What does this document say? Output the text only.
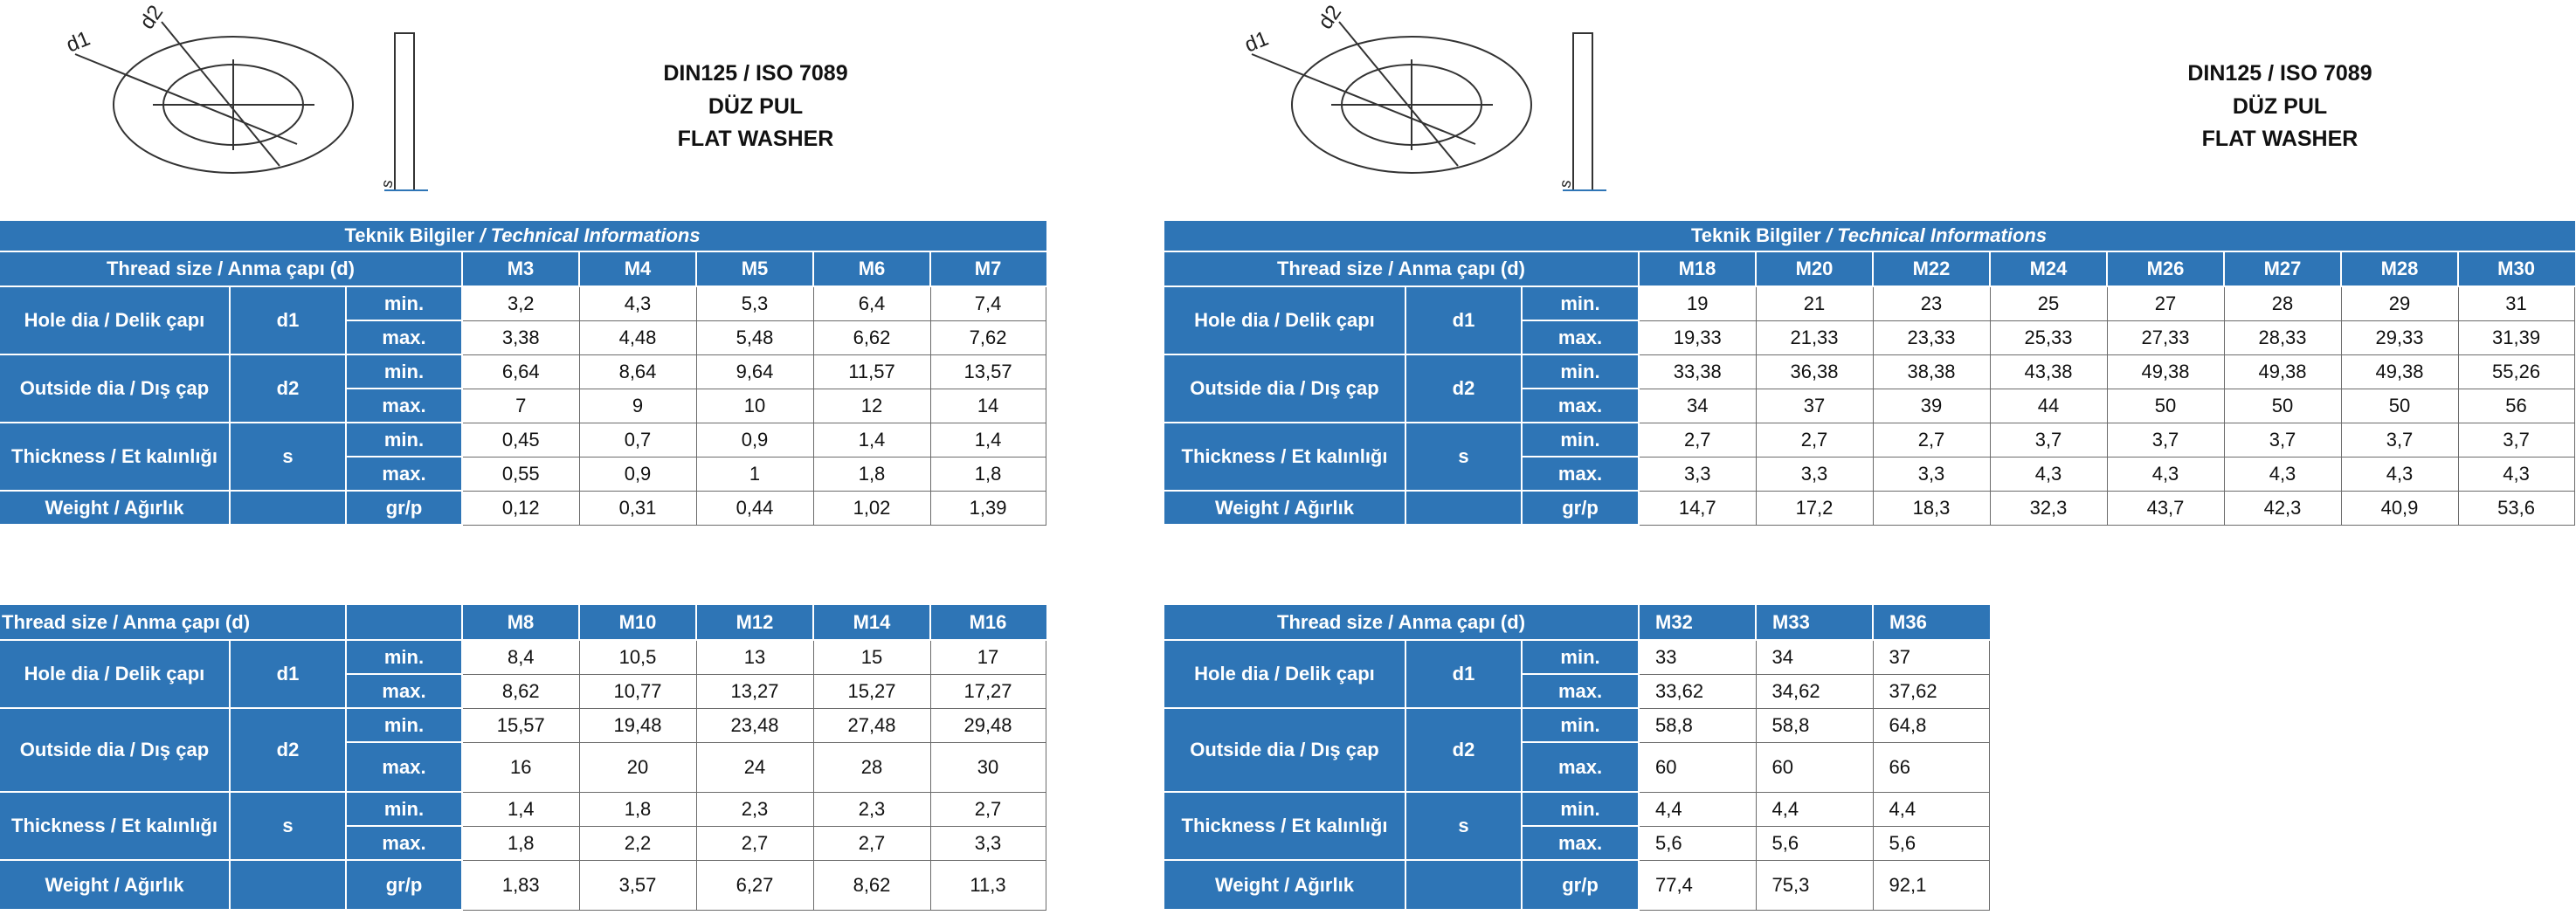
d1
d2
s
DIN125 / ISO 7089
DÜZ PUL
FLAT WASHER
Teknik Bilgiler / Technical Informations							
Thread size / Anma çapı (d)			M3	M4	M5	M6	M7
Hole dia / Delik çapı	d1	min.	3,2	4,3	5,3	6,4	7,4
		max.	3,38	4,48	5,48	6,62	7,62
Outside dia / Dış çap	d2	min.	6,64	8,64	9,64	11,57	13,57
		max.	7	9	10	12	14
Thickness / Et kalınlığı	s	min.	0,45	0,7	0,9	1,4	1,4
		max.	0,55	0,9	1	1,8	1,8
Weight / Ağırlık		gr/p	0,12	0,31	0,44	1,02	1,39
Thread size / Anma çapı (d)			M8	M10	M12	M14	M16
Hole dia / Delik çapı	d1	min.	8,4	10,5	13	15	17
		max.	8,62	10,77	13,27	15,27	17,27
Outside dia / Dış çap	d2	min.	15,57	19,48	23,48	27,48	29,48
		max.	16	20	24	28	30
Thickness / Et kalınlığı	s	min.	1,4	1,8	2,3	2,3	2,7
		max.	1,8	2,2	2,7	2,7	3,3
Weight / Ağırlık		gr/p	1,83	3,57	6,27	8,62	11,3
d1
d2
s
DIN125 / ISO 7089
DÜZ PUL
FLAT WASHER
Teknik Bilgiler / Technical Informations										
Thread size / Anma çapı (d)			M18	M20	M22	M24	M26	M27	M28	M30
Hole dia / Delik çapı	d1	min.	19	21	23	25	27	28	29	31
		max.	19,33	21,33	23,33	25,33	27,33	28,33	29,33	31,39
Outside dia / Dış çap	d2	min.	33,38	36,38	38,38	43,38	49,38	49,38	49,38	55,26
		max.	34	37	39	44	50	50	50	56
Thickness / Et kalınlığı	s	min.	2,7	2,7	2,7	3,7	3,7	3,7	3,7	3,7
		max.	3,3	3,3	3,3	4,3	4,3	4,3	4,3	4,3
Weight / Ağırlık		gr/p	14,7	17,2	18,3	32,3	43,7	42,3	40,9	53,6
Thread size / Anma çapı (d)			M32	M33	M36
Hole dia / Delik çapı	d1	min.	33	34	37
		max.	33,62	34,62	37,62
Outside dia / Dış çap	d2	min.	58,8	58,8	64,8
		max.	60	60	66
Thickness / Et kalınlığı	s	min.	4,4	4,4	4,4
		max.	5,6	5,6	5,6
Weight / Ağırlık		gr/p	77,4	75,3	92,1
